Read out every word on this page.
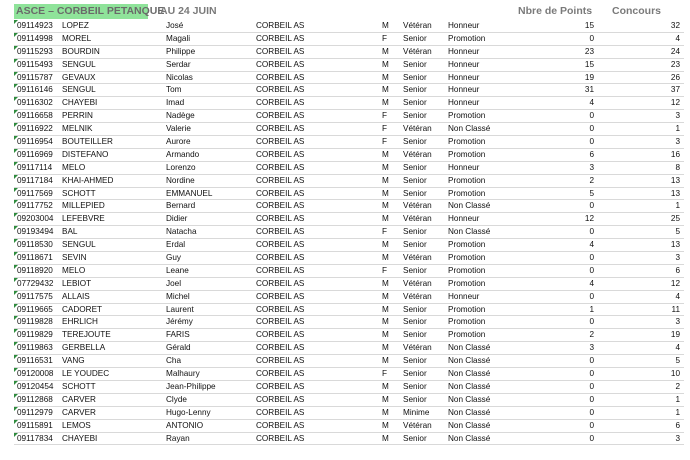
ASCE – CORBEIL PETANQUE
AU 24 JUIN	Nbre de Points Concours
09114923	LOPEZ	José	CORBEIL AS	M	Vétéran	Honneur	15	32
09114998	MOREL	Magali	CORBEIL AS	F	Senior	Promotion	0	4
09115293	BOURDIN	Philippe	CORBEIL AS	M	Vétéran	Honneur	23	24
09115493	SENGUL	Serdar	CORBEIL AS	M	Senior	Honneur	15	23
09115787	GEVAUX	Nicolas	CORBEIL AS	M	Senior	Honneur	19	26
09116146	SENGUL	Tom	CORBEIL AS	M	Senior	Honneur	31	37
09116302	CHAYEBI	Imad	CORBEIL AS	M	Senior	Honneur	4	12
09116658	PERRIN	Nadège	CORBEIL AS	F	Senior	Promotion	0	3
09116922	MELNIK	Valerie	CORBEIL AS	F	Vétéran	Non Classé	0	1
09116954	BOUTEILLER	Aurore	CORBEIL AS	F	Senior	Promotion	0	3
09116969	DISTEFANO	Armando	CORBEIL AS	M	Vétéran	Promotion	6	16
09117114	MELO	Lorenzo	CORBEIL AS	M	Senior	Honneur	3	8
09117184	KHAI-AHMED	Nordine	CORBEIL AS	M	Senior	Promotion	2	13
09117569	SCHOTT	EMMANUEL	CORBEIL AS	M	Senior	Promotion	5	13
09117752	MILLEPIED	Bernard	CORBEIL AS	M	Vétéran	Non Classé	0	1
09203004	LEFEBVRE	Didier	CORBEIL AS	M	Vétéran	Honneur	12	25
09193494	BAL	Natacha	CORBEIL AS	F	Senior	Non Classé	0	5
09118530	SENGUL	Erdal	CORBEIL AS	M	Senior	Promotion	4	13
09118671	SEVIN	Guy	CORBEIL AS	M	Vétéran	Promotion	0	3
09118920	MELO	Leane	CORBEIL AS	F	Senior	Promotion	0	6
07729432	LEBIOT	Joel	CORBEIL AS	M	Vétéran	Promotion	4	12
09117575	ALLAIS	Michel	CORBEIL AS	M	Vétéran	Honneur	0	4
09119665	CADORET	Laurent	CORBEIL AS	M	Senior	Promotion	1	11
09119828	EHRLICH	Jérémy	CORBEIL AS	M	Senior	Promotion	0	3
09119829	TEREJOUTE	FARIS	CORBEIL AS	M	Senior	Promotion	2	19
09119863	GERBELLA	Gérald	CORBEIL AS	M	Vétéran	Non Classé	3	4
09116531	VANG	Cha	CORBEIL AS	M	Senior	Non Classé	0	5
09120008	LE YOUDEC	Malhaury	CORBEIL AS	F	Senior	Non Classé	0	10
09120454	SCHOTT	Jean-Philippe	CORBEIL AS	M	Senior	Non Classé	0	2
09112868	CARVER	Clyde	CORBEIL AS	M	Senior	Non Classé	0	1
09112979	CARVER	Hugo-Lenny	CORBEIL AS	M	Minime	Non Classé	0	1
09115891	LEMOS	ANTONIO	CORBEIL AS	M	Vétéran	Non Classé	0	6
09117834	CHAYEBI	Rayan	CORBEIL AS	M	Senior	Non Classé	0	3
